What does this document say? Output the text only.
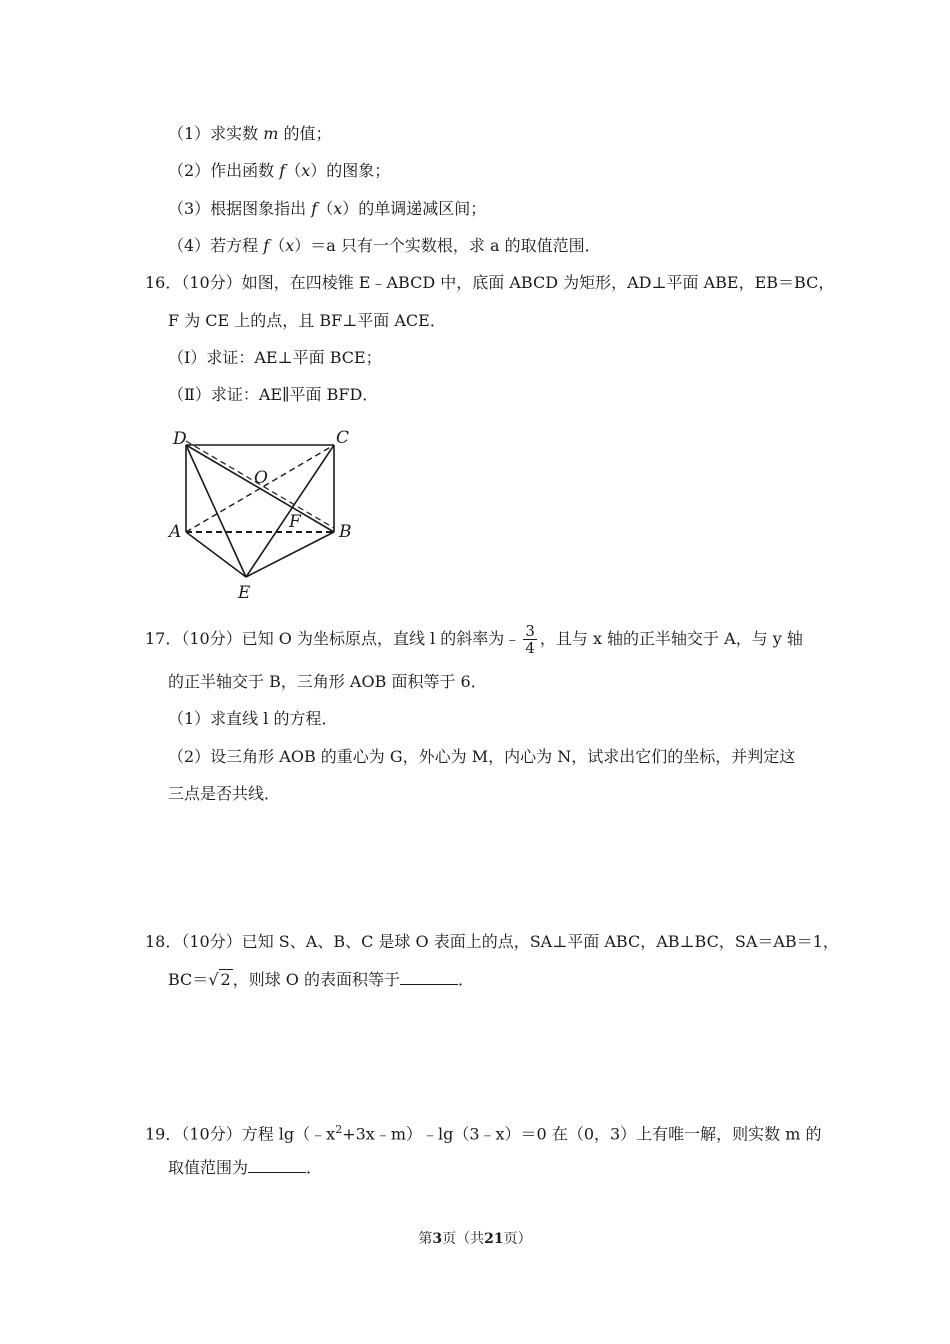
（1）求实数 m 的值；
（2）作出函数 f（x）的图象；
（3）根据图象指出 f（x）的单调递减区间；
（4）若方程 f（x）＝a 只有一个实数根，求 a 的取值范围．
16．（10分）如图，在四棱锥 E﹣ABCD 中，底面 ABCD 为矩形，AD⊥平面 ABE，EB＝BC，
F 为 CE 上的点，且 BF⊥平面 ACE．
（Ⅰ）求证：AE⊥平面 BCE；
（Ⅱ）求证：AE∥平面 BFD．
D	C
O
A	F B
E
17．（10分）已知 O 为坐标原点，直线 l 的斜率为﹣ $\frac{3}{4}$ ，且与 x 轴的正半轴交于 A，与 y 轴
的正半轴交于 B，三角形 AOB 面积等于 6．
（1）求直线 l 的方程．
（2）设三角形 AOB 的重心为 G，外心为 M，内心为 N，试求出它们的坐标，并判定这
三点是否共线．
18．（10分）已知 S、A、B、C 是球 O 表面上的点，SA⊥平面 ABC，AB⊥BC，SA＝AB＝1，
BC＝√ 2 ，则球 O 的表面积等于	．
19．（10分）方程 $\lg(﹣x^2+3x﹣m)﹣\lg(3﹣x)=0$ 在（0，3）上有唯一解，则实数 m 的
取值范围为	．
第3页（共21页）
